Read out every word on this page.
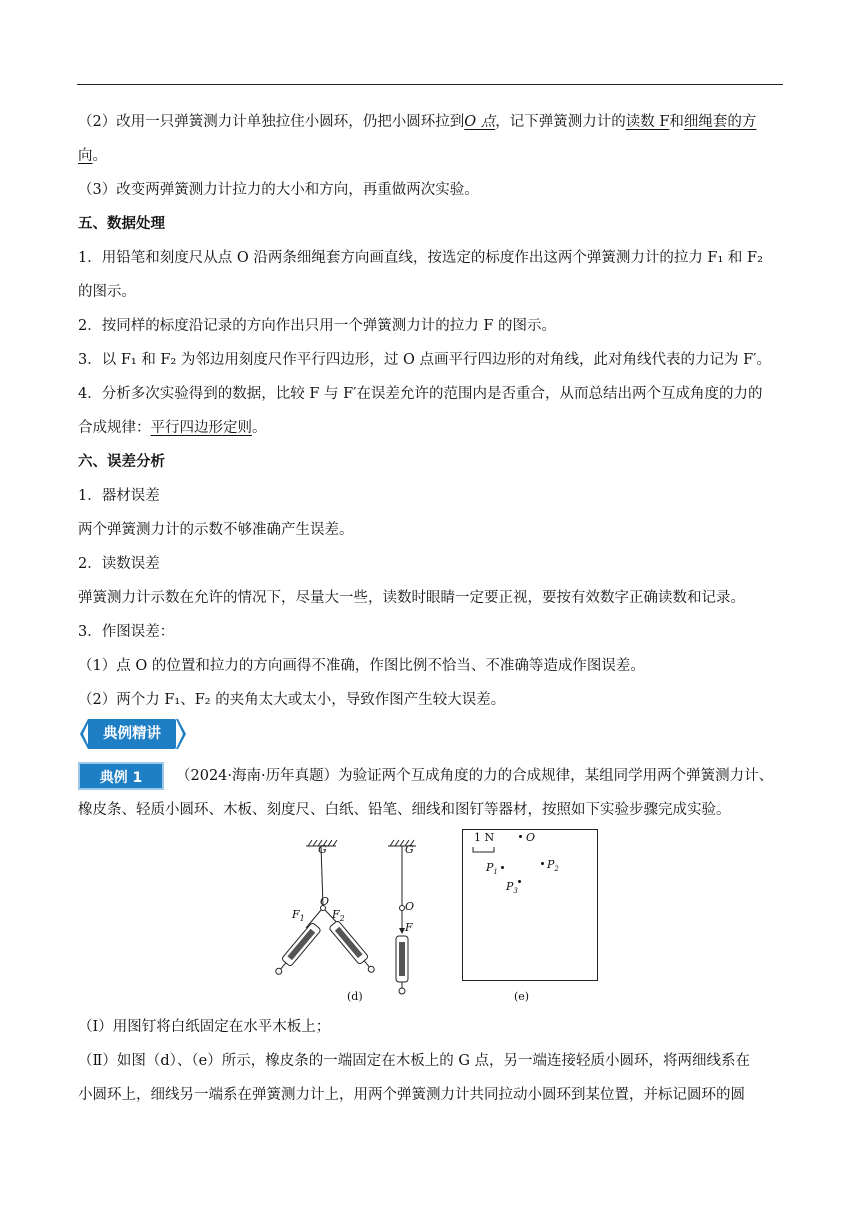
（2）改用一只弹簧测力计单独拉住小圆环，仍把小圆环拉到O 点，记下弹簧测力计的读数 F和细绳套的方
向。
（3）改变两弹簧测力计拉力的大小和方向，再重做两次实验。
五、数据处理
1．用铅笔和刻度尺从点 O 沿两条细绳套方向画直线，按选定的标度作出这两个弹簧测力计的拉力 F₁ 和 F₂
的图示。
2．按同样的标度沿记录的方向作出只用一个弹簧测力计的拉力 F 的图示。
3．以 F₁ 和 F₂ 为邻边用刻度尺作平行四边形，过 O 点画平行四边形的对角线，此对角线代表的力记为 F′。
4．分析多次实验得到的数据，比较 F 与 F′在误差允许的范围内是否重合，从而总结出两个互成角度的力的
合成规律：平行四边形定则。
六、误差分析
1．器材误差
两个弹簧测力计的示数不够准确产生误差。
2．读数误差
弹簧测力计示数在允许的情况下，尽量大一些，读数时眼睛一定要正视，要按有效数字正确读数和记录。
3．作图误差：
（1）点 O 的位置和拉力的方向画得不准确，作图比例不恰当、不准确等造成作图误差。
（2）两个力 F₁、F₂ 的夹角太大或太小，导致作图产生较大误差。
典例精讲
典例 1	（2024·海南·历年真题）为验证两个互成角度的力的合成规律，某组同学用两个弹簧测力计、
橡皮条、轻质小圆环、木板、刻度尺、白纸、铅笔、细线和图钉等器材，按照如下实验步骤完成实验。
G
O
$F_1$ $F_2$
G
O
F
(d)
1 N	O
$P_1$
$P_2$
$P_3$
(e)
（Ⅰ）用图钉将白纸固定在水平木板上；
（Ⅱ）如图（d）、（e）所示，橡皮条的一端固定在木板上的 G 点，另一端连接轻质小圆环，将两细线系在
小圆环上，细线另一端系在弹簧测力计上，用两个弹簧测力计共同拉动小圆环到某位置，并标记圆环的圆
